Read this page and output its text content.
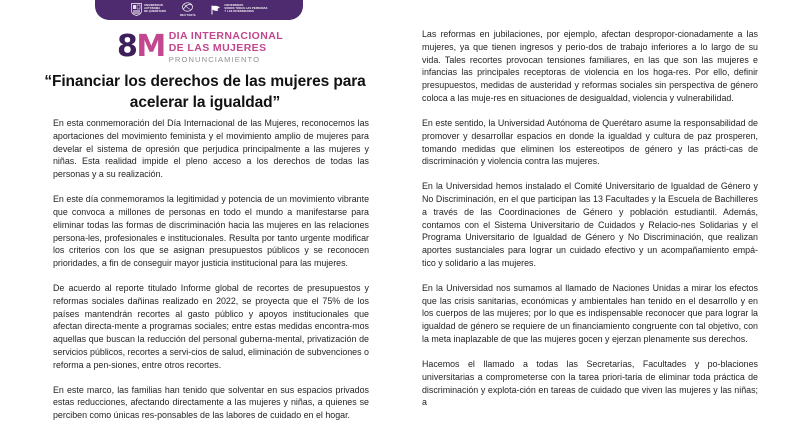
UNIVERSIDAD
AUTÓNOMA
DE QUERÉTARO
RECTORÍA
UNIVERSIDAD
SOMOS TODAS LAS PERSONAS
Y LAS DIVERSIDADES
8 M DIA INTERNACIONAL
DE LAS MUJERES
PRONUNCIAMIENTO
“Financiar los derechos de las mujeres para acelerar la igualdad”

En esta conmemoración del Día Internacional de las Mujeres, reconocemos las aportaciones del movimiento feminista y el movimiento amplio de mujeres para develar el sistema de opresión que perjudica principalmente a las mujeres y niñas. Esta realidad impide el pleno acceso a los derechos de todas las personas y a su realización.

En este día conmemoramos la legitimidad y potencia de un movimiento vibrante que convoca a millones de personas en todo el mundo a manifestarse para eliminar todas las formas de discriminación hacia las mujeres en las relaciones persona-les, profesionales e institucionales. Resulta por tanto urgente modificar los criterios con los que se asignan presupuestos públicos y se reconocen prioridades, a fin de conseguir mayor justicia institucional para las mujeres.

De acuerdo al reporte titulado Informe global de recortes de presupuestos y reformas sociales dañinas realizado en 2022, se proyecta que el 75% de los países mantendrán recortes al gasto público y apoyos institucionales que afectan directa-mente a programas sociales; entre estas medidas encontra-mos aquellas que buscan la reducción del personal guberna-mental, privatización de servicios públicos, recortes a servi-cios de salud, eliminación de subvenciones o reforma a pen-siones, entre otros recortes.

En este marco, las familias han tenido que solventar en sus espacios privados estas reducciones, afectando directamente a las mujeres y niñas, a quienes se perciben como únicas res-ponsables de las labores de cuidado en el hogar.

Las reformas en jubilaciones, por ejemplo, afectan despropor-cionadamente a las mujeres, ya que tienen ingresos y perio-dos de trabajo inferiores a lo largo de su vida. Tales recortes provocan tensiones familiares, en las que son las mujeres e infancias las principales receptoras de violencia en los hoga-res. Por ello, definir presupuestos, medidas de austeridad y reformas sociales sin perspectiva de género coloca a las muje-res en situaciones de desigualdad, violencia y vulnerabilidad.

En este sentido, la Universidad Autónoma de Querétaro asume la responsabilidad de promover y desarrollar espacios en donde la igualdad y cultura de paz prosperen, tomando medidas que eliminen los estereotipos de género y las prácti-cas de discriminación y violencia contra las mujeres.

En la Universidad hemos instalado el Comité Universitario de Igualdad de Género y No Discriminación, en el que participan las 13 Facultades y la Escuela de Bachilleres a través de las Coordinaciones de Género y población estudiantil. Además, contamos con el Sistema Universitario de Cuidados y Relacio-nes Solidarias y el Programa Universitario de Igualdad de Género y No Discriminación, que realizan aportes sustanciales para lograr un cuidado efectivo y un acompañamiento empá-tico y solidario a las mujeres.

En la Universidad nos sumamos al llamado de Naciones Unidas a mirar los efectos que las crisis sanitarias, económicas y ambientales han tenido en el desarrollo y en los cuerpos de las mujeres; por lo que es indispensable reconocer que para lograr la igualdad de género se requiere de un financiamiento congruente con tal objetivo, con la meta inaplazable de que las mujeres gocen y ejerzan plenamente sus derechos.

Hacemos el llamado a todas las Secretarías, Facultades y po-blaciones universitarias a comprometerse con la tarea priori-taria de eliminar toda práctica de discriminación y explota-ción en tareas de cuidado que viven las mujeres y las niñas; a
